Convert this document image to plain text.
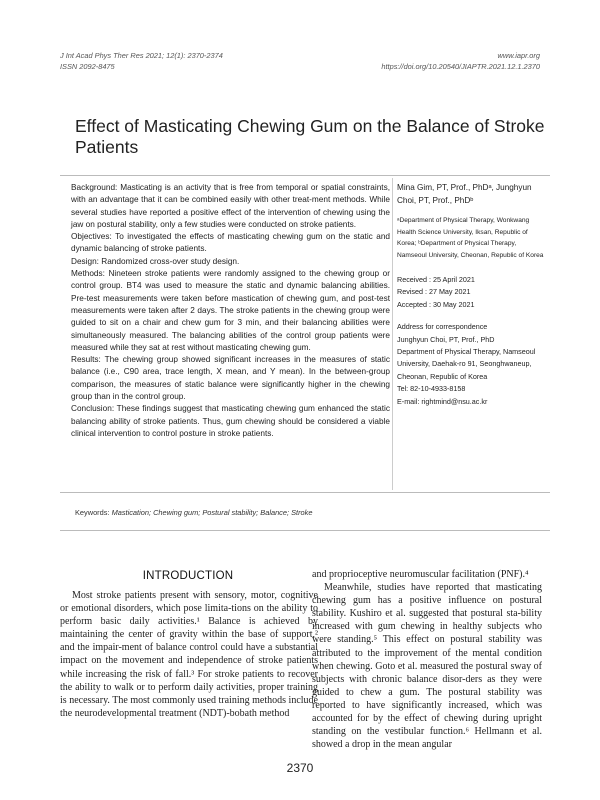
J Int Acad Phys Ther Res 2021; 12(1): 2370-2374
ISSN 2092-8475
www.iapr.org
https://doi.org/10.20540/JIAPTR.2021.12.1.2370
Effect of Masticating Chewing Gum on the Balance of Stroke Patients

Background: Masticating is an activity that is free from temporal or spatial constraints, with an advantage that it can be combined easily with other treat-ment methods. While several studies have reported a positive effect of the intervention of chewing using the jaw on postural stability, only a few studies were conducted on stroke patients.

Objectives: To investigated the effects of masticating chewing gum on the static and dynamic balancing of stroke patients.

Design: Randomized cross-over study design.

Methods: Nineteen stroke patients were randomly assigned to the chewing group or control group. BT4 was used to measure the static and dynamic balancing abilities. Pre-test measurements were taken before mastication of chewing gum, and post-test measurements were taken after 2 days. The stroke patients in the chewing group were guided to sit on a chair and chew gum for 3 min, and their balancing abilities were simultaneously measured. The balancing abilities of the control group patients were measured while they sat at rest without masticating chewing gum.

Results: The chewing group showed significant increases in the measures of static balance (i.e., C90 area, trace length, X mean, and Y mean). In the between-group comparison, the measures of static balance were significantly higher in the chewing group than in the control group.

Conclusion: These findings suggest that masticating chewing gum enhanced the static balancing ability of stroke patients. Thus, gum chewing should be considered a viable clinical intervention to control posture in stroke patients.

Mina Gim, PT, Prof., PhDᵃ, Junghyun Choi, PT, Prof., PhDᵇ
ᵃDepartment of Physical Therapy, Wonkwang Health Science University, Iksan, Republic of Korea; ᵇDepartment of Physical Therapy, Namseoul University, Cheonan, Republic of Korea
Received : 25 April 2021
Revised : 27 May 2021
Accepted : 30 May 2021
Address for correspondence
Junghyun Choi, PT, Prof., PhD
Department of Physical Therapy, Namseoul University, Daehak-ro 91, Seonghwaneup, Cheonan, Republic of Korea
Tel: 82-10-4933-8158
E-mail: rightmind@nsu.ac.kr
Keywords: Mastication; Chewing gum; Postural stability; Balance; Stroke
INTRODUCTION

Most stroke patients present with sensory, motor, cognitive or emotional disorders, which pose limita-tions on the ability to perform basic daily activities.¹ Balance is achieved by maintaining the center of gravity within the base of support,² and the impair-ment of balance control could have a substantial impact on the movement and independence of stroke patients while increasing the risk of fall.³ For stroke patients to recover the ability to walk or to perform daily activities, proper training is necessary. The most commonly used training methods include the neurodevelopmental treatment (NDT)-bobath method

and proprioceptive neuromuscular facilitation (PNF).⁴

Meanwhile, studies have reported that masticating chewing gum has a positive influence on postural stability. Kushiro et al. suggested that postural sta-bility increased with gum chewing in healthy subjects who were standing.⁵ This effect on postural stability was attributed to the improvement of the mental condition when chewing. Goto et al. measured the postural sway of subjects with chronic balance disor-ders as they were guided to chew a gum. The postural stability was reported to have significantly increased, which was accounted for by the effect of chewing during upright standing on the vestibular function.⁶ Hellmann et al. showed a drop in the mean angular

2370
